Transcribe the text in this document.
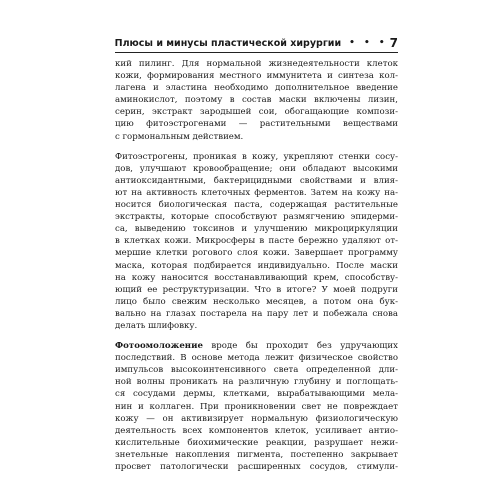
Плюсы и минусы пластической хирургии • • • 7
кий пилинг. Для нормальной жизнедеятельности клеток
кожи, формирования местного иммунитета и синтеза кол-
лагена и эластина необходимо дополнительное введение
аминокислот, поэтому в состав маски включены лизин,
серин, экстракт зародышей сои, обогащающие компози-
цию фитоэстрогенами — растительными веществами
с гормональным действием.
Фитоэстрогены, проникая в кожу, укрепляют стенки сосу-
дов, улучшают кровообращение; они обладают высокими
антиоксидантными, бактерицидными свойствами и влия-
ют на активность клеточных ферментов. Затем на кожу на-
носится биологическая паста, содержащая растительные
экстракты, которые способствуют размягчению эпидерми-
са, выведению токсинов и улучшению микроциркуляции
в клетках кожи. Микросферы в пасте бережно удаляют от-
мершие клетки рогового слоя кожи. Завершает программу
маска, которая подбирается индивидуально. После маски
на кожу наносится восстанавливающий крем, способству-
ющий ее реструктуризации. Что в итоге? У моей подруги
лицо было свежим несколько месяцев, а потом она бук-
вально на глазах постарела на пару лет и побежала снова
делать шлифовку.
Фотоомоложение вроде бы проходит без удручающих
последствий. В основе метода лежит физическое свойство
импульсов высокоинтенсивного света определенной дли-
ной волны проникать на различную глубину и поглощать-
ся сосудами дермы, клетками, вырабатывающими мела-
нин и коллаген. При проникновении свет не повреждает
кожу — он активизирует нормальную физиологическую
деятельность всех компонентов клеток, усиливает антио-
кислительные биохимические реакции, разрушает нежи-
знетельные накопления пигмента, постепенно закрывает
просвет патологически расширенных сосудов, стимули-
